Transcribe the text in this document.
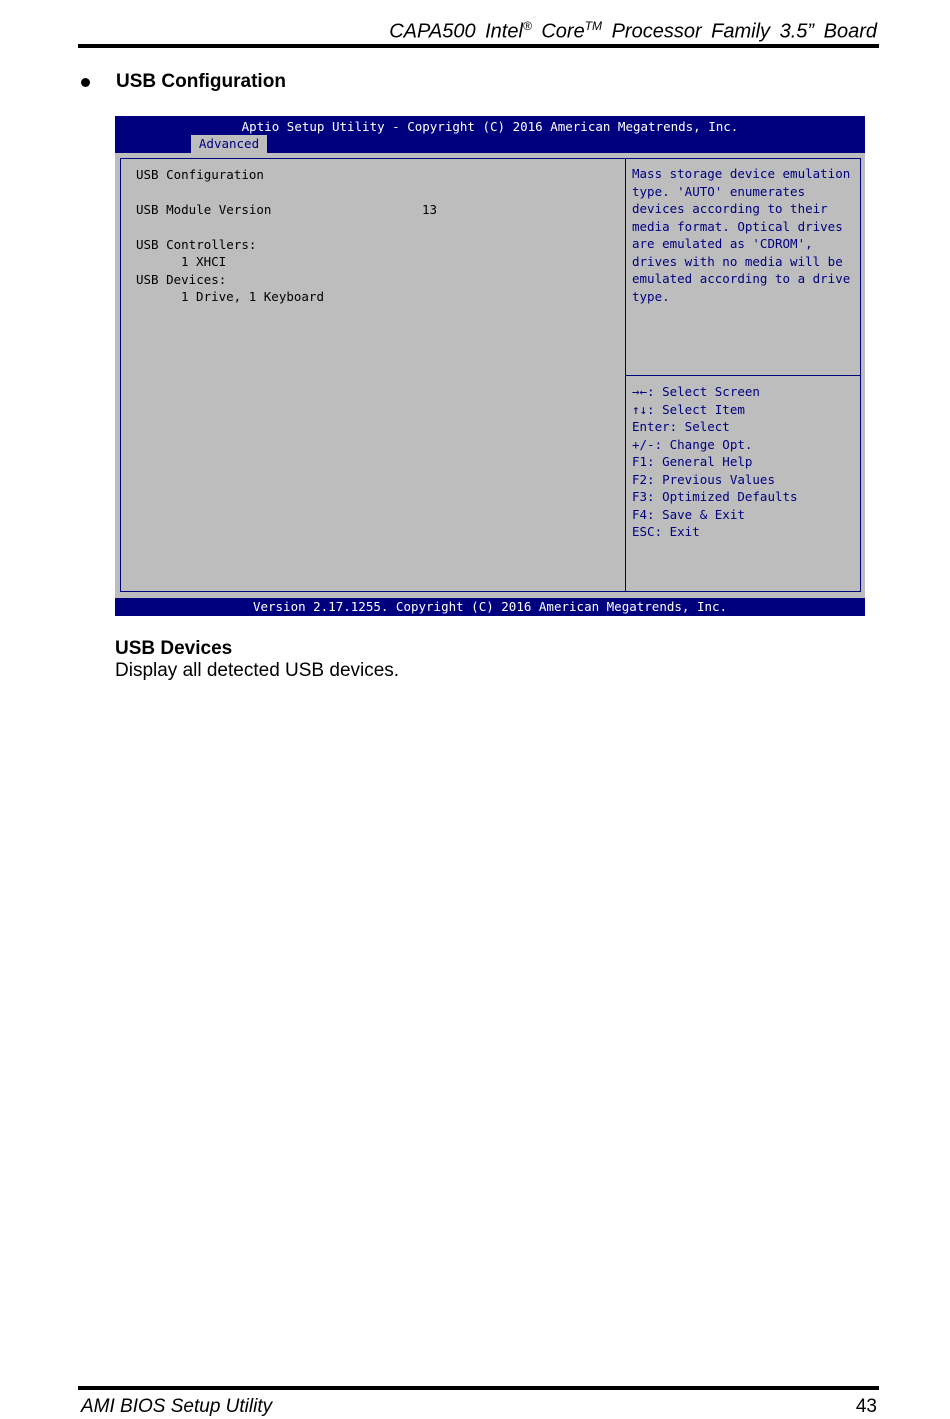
CAPA500 Intel® Core™ Processor Family 3.5” Board
USB Configuration
Aptio Setup Utility - Copyright (C) 2016 American Megatrends, Inc.
Advanced
USB Configuration
USB Module Version	13
USB Controllers:
1 XHCI
USB Devices:
1 Drive, 1 Keyboard
Mass storage device emulation type. 'AUTO' enumerates devices according to their media format. Optical drives are emulated as 'CDROM', drives with no media will be emulated according to a drive type.
→←: Select Screen
↑↓: Select Item
Enter: Select
+/-: Change Opt.
F1: General Help
F2: Previous Values
F3: Optimized Defaults
F4: Save & Exit
ESC: Exit
Version 2.17.1255. Copyright (C) 2016 American Megatrends, Inc.
USB Devices
Display all detected USB devices.
AMI BIOS Setup Utility	43
